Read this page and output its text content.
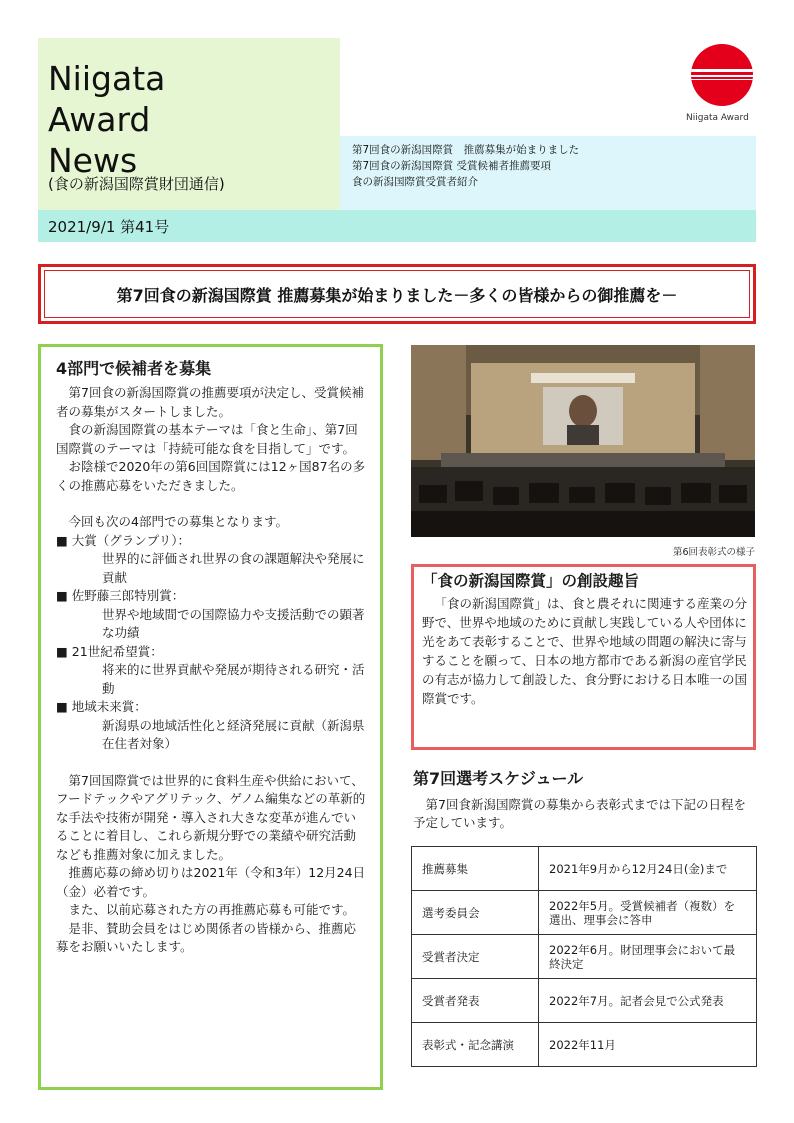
Niigata
Award
News
(食の新潟国際賞財団通信)
第7回食の新潟国際賞　推薦募集が始まりました
第7回食の新潟国際賞 受賞候補者推薦要項
食の新潟国際賞受賞者紹介
2021/9/1 第41号
Niigata Award
第7回食の新潟国際賞 推薦募集が始まりました－多くの皆様からの御推薦を－
4部門で候補者を募集

第7回食の新潟国際賞の推薦要項が決定し、受賞候補者の募集がスタートしました。

食の新潟国際賞の基本テーマは「食と生命」、第7回国際賞のテーマは「持続可能な食を目指して」です。

お陰様で2020年の第6回国際賞には12ヶ国87名の多くの推薦応募をいただきました。

今回も次の4部門での募集となります。

■ 大賞（グランプリ）：

世界的に評価され世界の食の課題解決や発展に貢献

■ 佐野藤三郎特別賞：

世界や地域間での国際協力や支援活動での顕著な功績

■ 21世紀希望賞：

将来的に世界貢献や発展が期待される研究・活動

■ 地域未来賞：

新潟県の地域活性化と経済発展に貢献（新潟県在住者対象）

第7回国際賞では世界的に食料生産や供給において、フードテックやアグリテック、ゲノム編集などの革新的な手法や技術が開発・導入され大きな変革が進んでいることに着目し、これら新規分野での業績や研究活動なども推薦対象に加えました。

推薦応募の締め切りは2021年（令和3年）12月24日（金）必着です。

また、以前応募された方の再推薦応募も可能です。

是非、賛助会員をはじめ関係者の皆様から、推薦応募をお願いいたします。

第6回表彰式の様子
「食の新潟国際賞」の創設趣旨

「食の新潟国際賞」は、食と農それに関連する産業の分野で、世界や地域のために貢献し実践している人や団体に光をあて表彰することで、世界や地域の問題の解決に寄与することを願って、日本の地方都市である新潟の産官学民の有志が協力して創設した、食分野における日本唯一の国際賞です。

第7回選考スケジュール
第7回食新潟国際賞の募集から表彰式までは下記の日程を予定しています。
推薦募集	2021年9月から12月24日(金)まで
選考委員会	2022年5月。受賞候補者（複数）を選出、理事会に答申
受賞者決定	2022年6月。財団理事会において最終決定
受賞者発表	2022年7月。記者会見で公式発表
表彰式・記念講演	2022年11月
